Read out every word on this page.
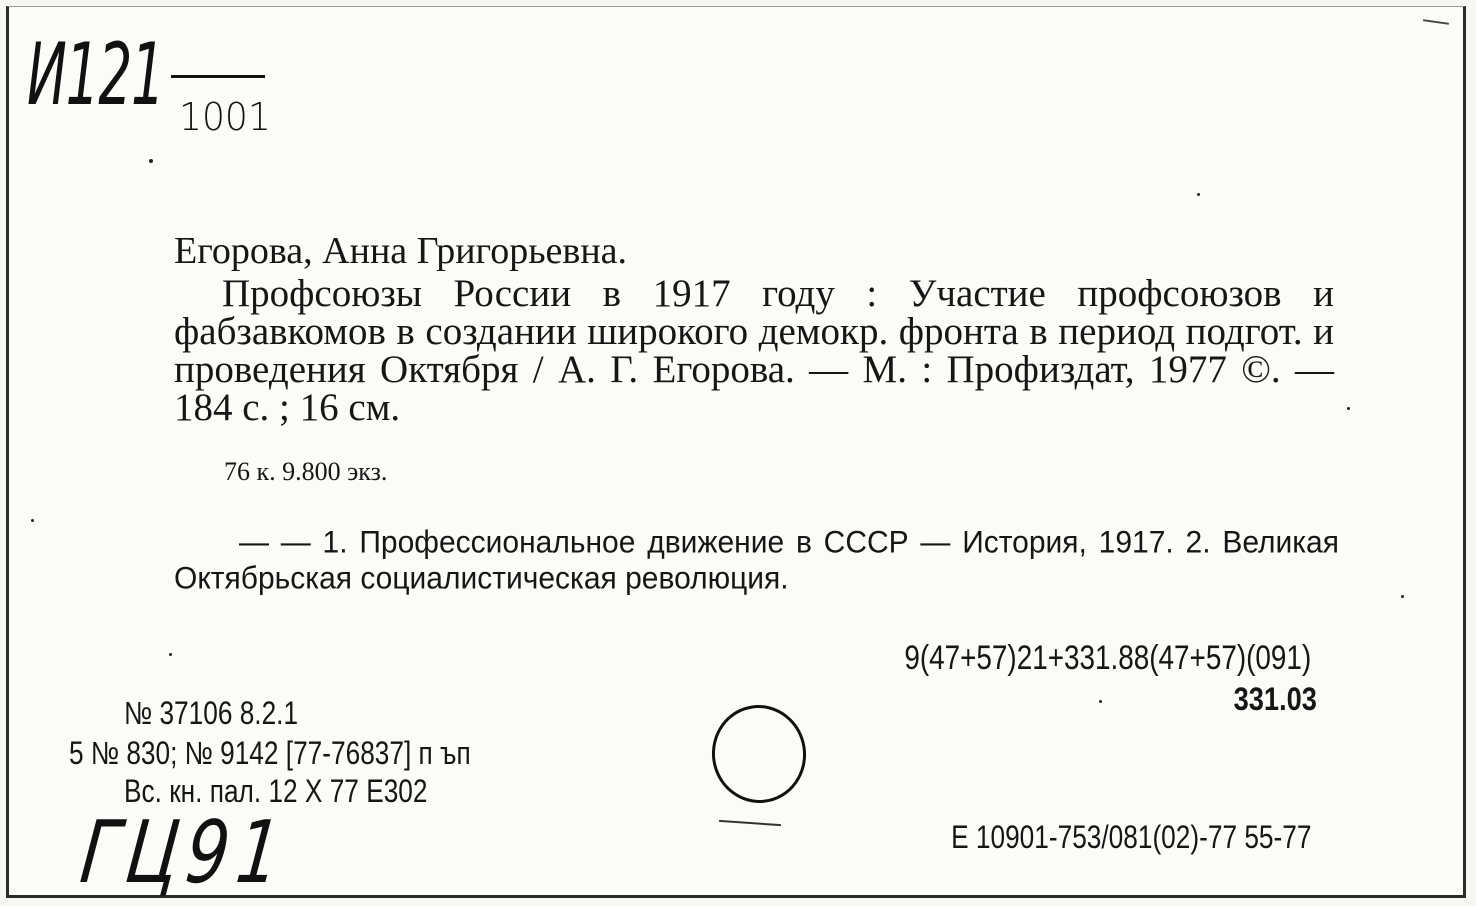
И121 1001
Егорова, Анна Григорьевна.
Профсоюзы России в 1917 году : Участие профсоюзов и фабзавкомов в создании широкого демокр. фронта в период подгот. и проведения Октября / А. Г. Егорова. — М. : Профиздат, 1977 ©. — 184 с. ; 16 см.
76 к. 9.800 экз.
— — 1. Профессиональное движение в СССР — История, 1917. 2. Великая Октябрьская социалистическая революция.
9(47+57)21+331.88(47+57)(091)
331.03
№ 37106 8.2.1
5 № 830; № 9142 [77-76837] п ъп
Вс. кн. пал. 12 X 77 Е302
ГЦ91	Е 10901-753/081(02)-77 55-77
